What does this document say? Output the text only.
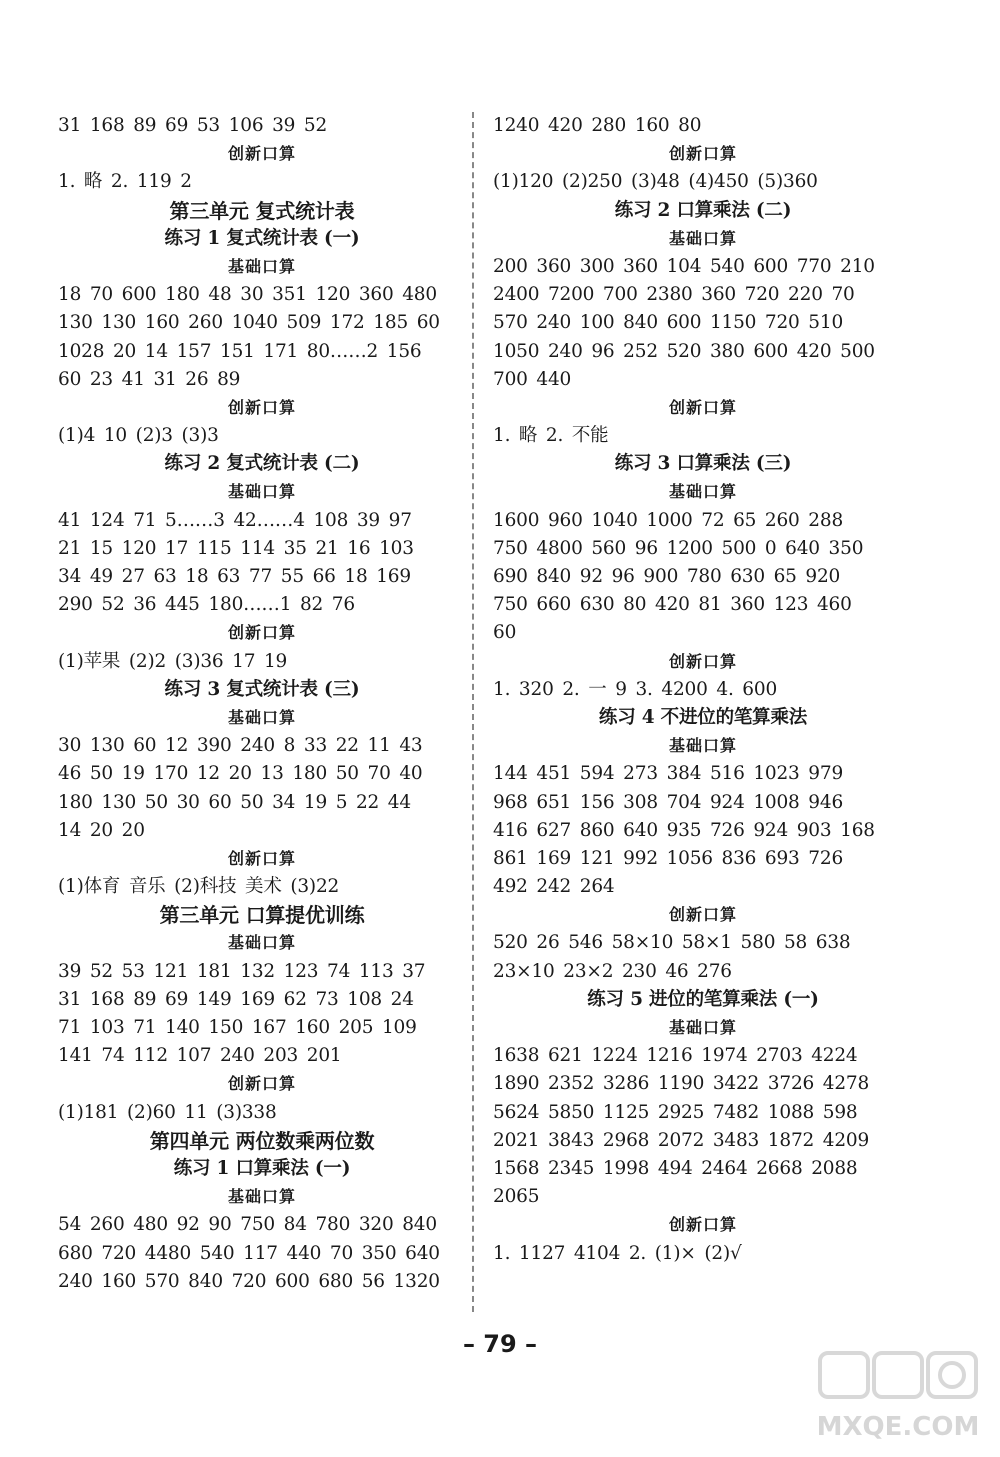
31 168 89 69 53 106 39 52
创新口算
1. 略 2. 119 2
第三单元 复式统计表
练习 1 复式统计表 (一)
基础口算
18 70 600 180 48 30 351 120 360 480
130 130 160 260 1040 509 172 185 60
1028 20 14 157 151 171 80……2 156
60 23 41 31 26 89
创新口算
(1)4 10 (2)3 (3)3
练习 2 复式统计表 (二)
基础口算
41 124 71 5……3 42……4 108 39 97
21 15 120 17 115 114 35 21 16 103
34 49 27 63 18 63 77 55 66 18 169
290 52 36 445 180……1 82 76
创新口算
(1)苹果 (2)2 (3)36 17 19
练习 3 复式统计表 (三)
基础口算
30 130 60 12 390 240 8 33 22 11 43
46 50 19 170 12 20 13 180 50 70 40
180 130 50 30 60 50 34 19 5 22 44
14 20 20
创新口算
(1)体育 音乐 (2)科技 美术 (3)22
第三单元 口算提优训练
基础口算
39 52 53 121 181 132 123 74 113 37
31 168 89 69 149 169 62 73 108 24
71 103 71 140 150 167 160 205 109
141 74 112 107 240 203 201
创新口算
(1)181 (2)60 11 (3)338
第四单元 两位数乘两位数
练习 1 口算乘法 (一)
基础口算
54 260 480 92 90 750 84 780 320 840
680 720 4480 540 117 440 70 350 640
240 160 570 840 720 600 680 56 1320
1240 420 280 160 80
创新口算
(1)120 (2)250 (3)48 (4)450 (5)360
练习 2 口算乘法 (二)
基础口算
200 360 300 360 104 540 600 770 210
2400 7200 700 2380 360 720 220 70
570 240 100 840 600 1150 720 510
1050 240 96 252 520 380 600 420 500
700 440
创新口算
1. 略 2. 不能
练习 3 口算乘法 (三)
基础口算
1600 960 1040 1000 72 65 260 288
750 4800 560 96 1200 500 0 640 350
690 840 92 96 900 780 630 65 920
750 660 630 80 420 81 360 123 460
60
创新口算
1. 320 2. 一 9 3. 4200 4. 600
练习 4 不进位的笔算乘法
基础口算
144 451 594 273 384 516 1023 979
968 651 156 308 704 924 1008 946
416 627 860 640 935 726 924 903 168
861 169 121 992 1056 836 693 726
492 242 264
创新口算
520 26 546 58×10 58×1 580 58 638
23×10 23×2 230 46 276
练习 5 进位的笔算乘法 (一)
基础口算
1638 621 1224 1216 1974 2703 4224
1890 2352 3286 1190 3422 3726 4278
5624 5850 1125 2925 7482 1088 598
2021 3843 2968 2072 3483 1872 4209
1568 2345 1998 494 2464 2668 2088
2065
创新口算
1. 1127 4104 2. (1)× (2)√
– 79 –
MXQE.COM
